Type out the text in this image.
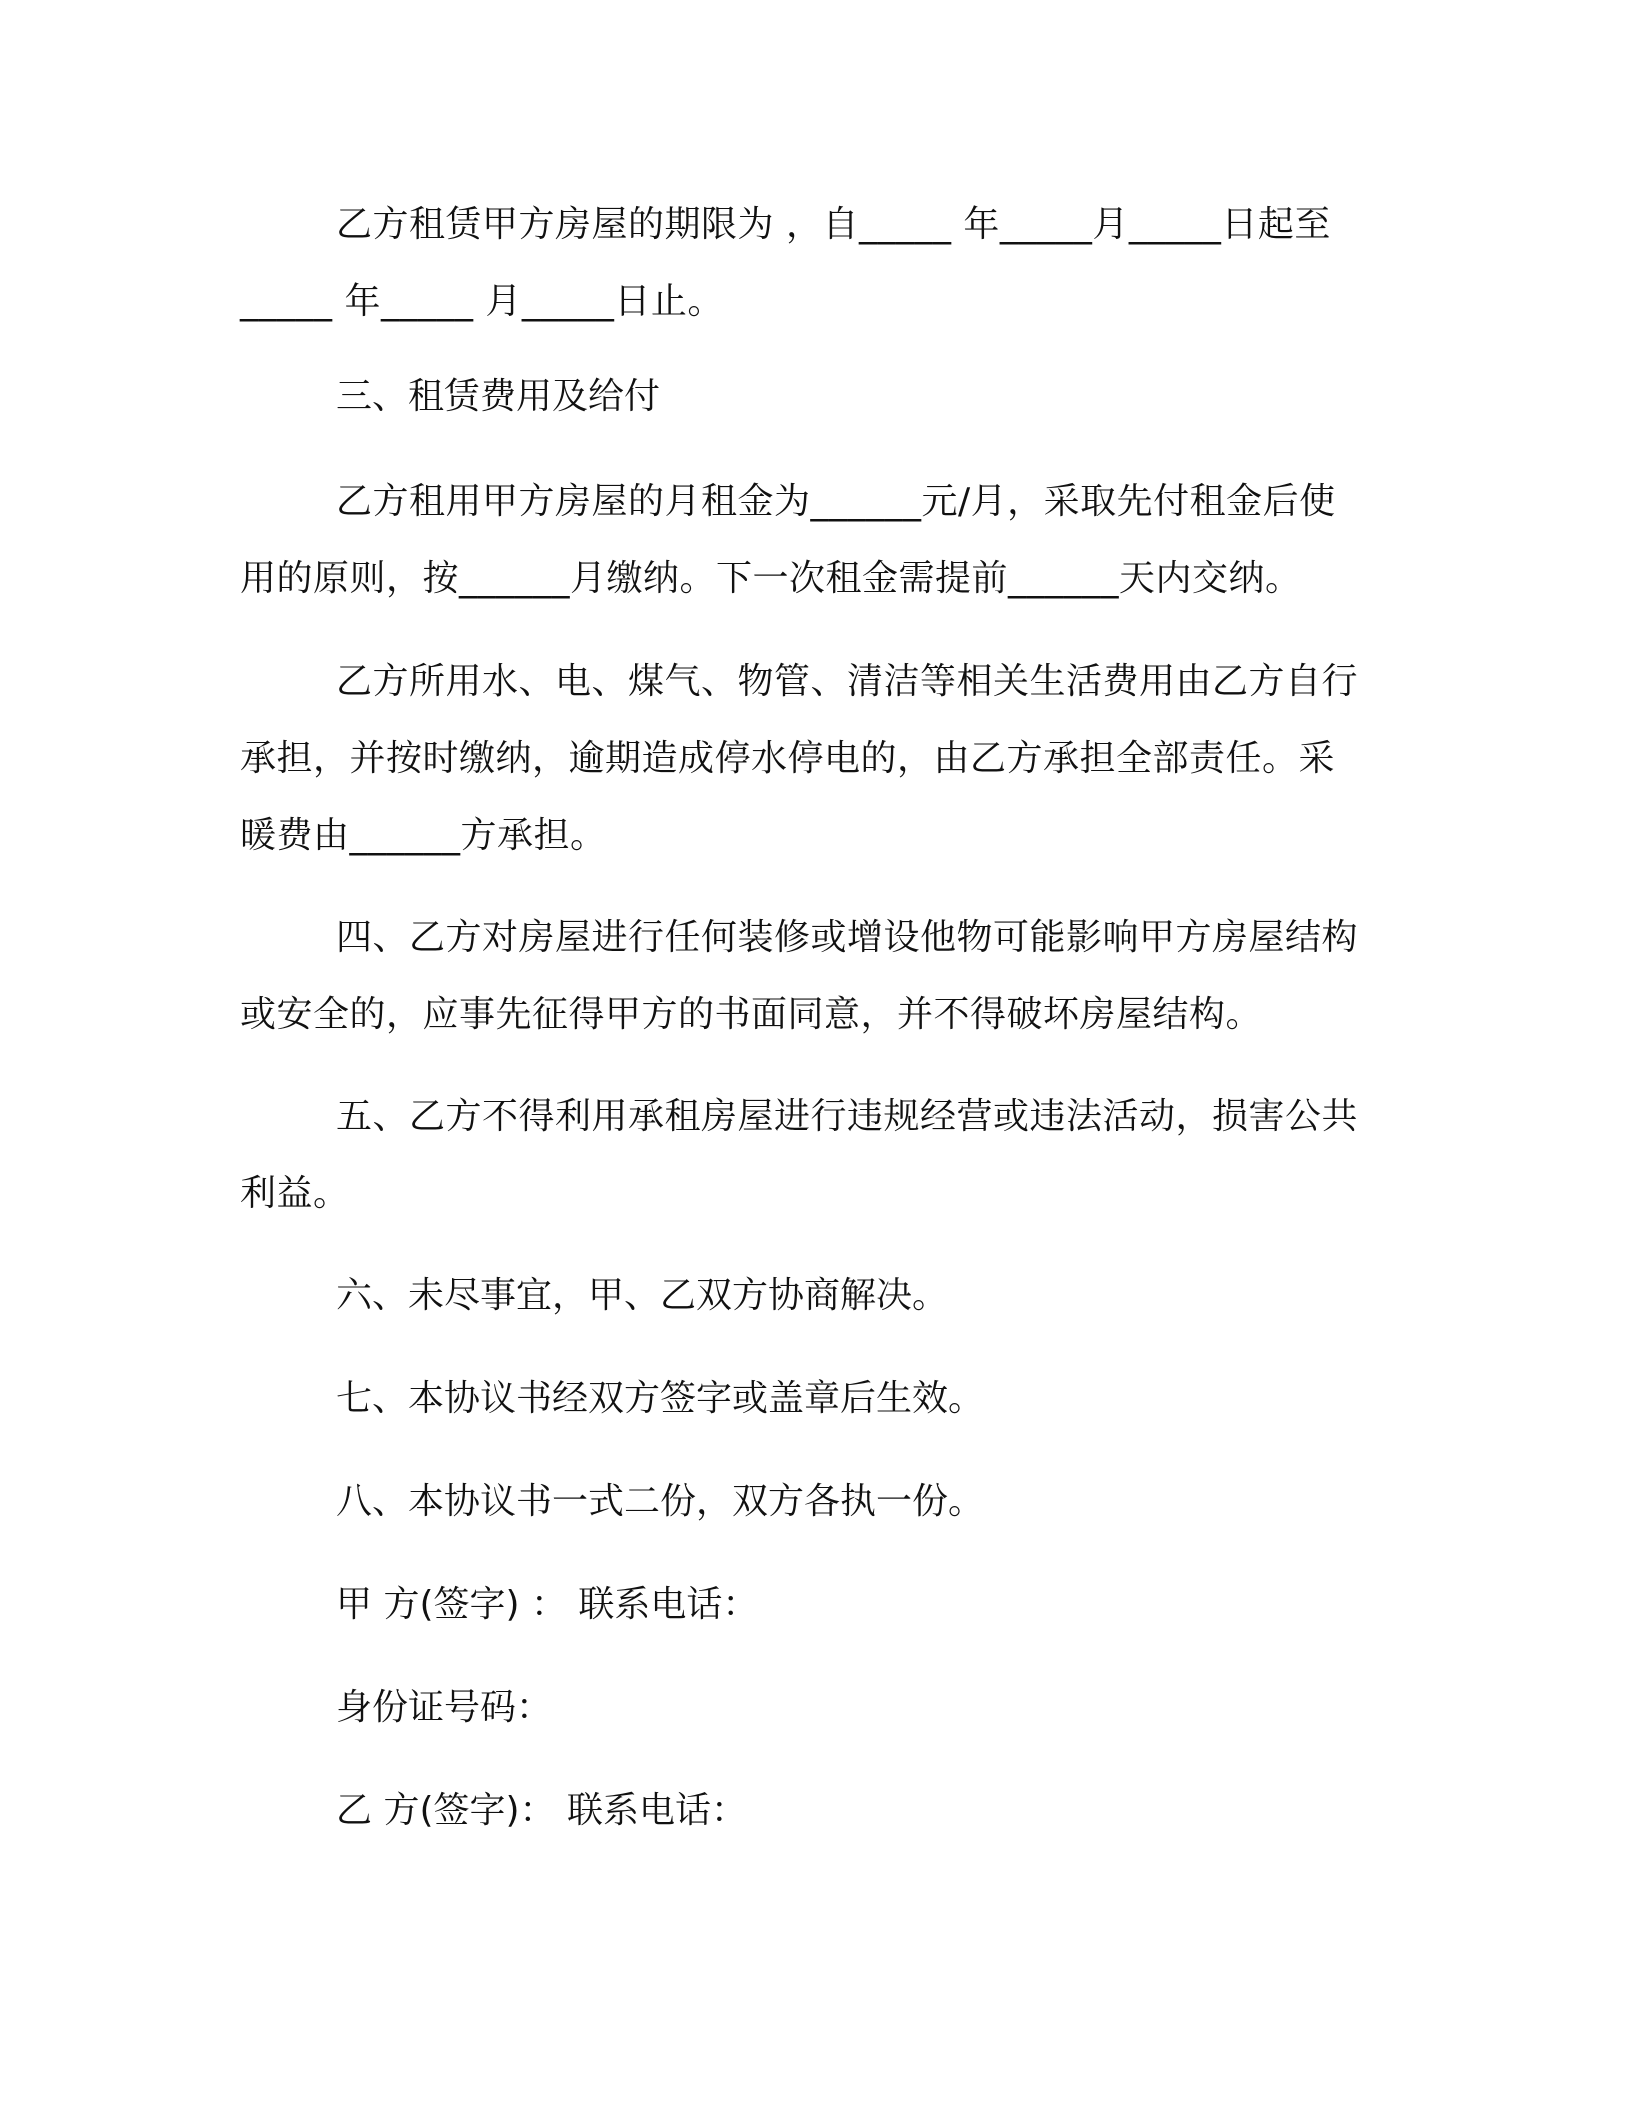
乙方租赁甲方房屋的期限为 ，自_____ 年_____月_____日起至_____ 年_____ 月_____日止。

三、租赁费用及给付

乙方租用甲方房屋的月租金为______元/月，采取先付租金后使用的原则，按______月缴纳。下一次租金需提前______天内交纳。

乙方所用水、电、煤气、物管、清洁等相关生活费用由乙方自行承担，并按时缴纳，逾期造成停水停电的，由乙方承担全部责任。采暖费由______方承担。

四、乙方对房屋进行任何装修或增设他物可能影响甲方房屋结构或安全的，应事先征得甲方的书面同意，并不得破坏房屋结构。

五、乙方不得利用承租房屋进行违规经营或违法活动，损害公共利益。

六、未尽事宜，甲、乙双方协商解决。

七、本协议书经双方签字或盖章后生效。

八、本协议书一式二份，双方各执一份。

甲 方(签字) ： 联系电话：

身份证号码：

乙 方(签字)： 联系电话：
